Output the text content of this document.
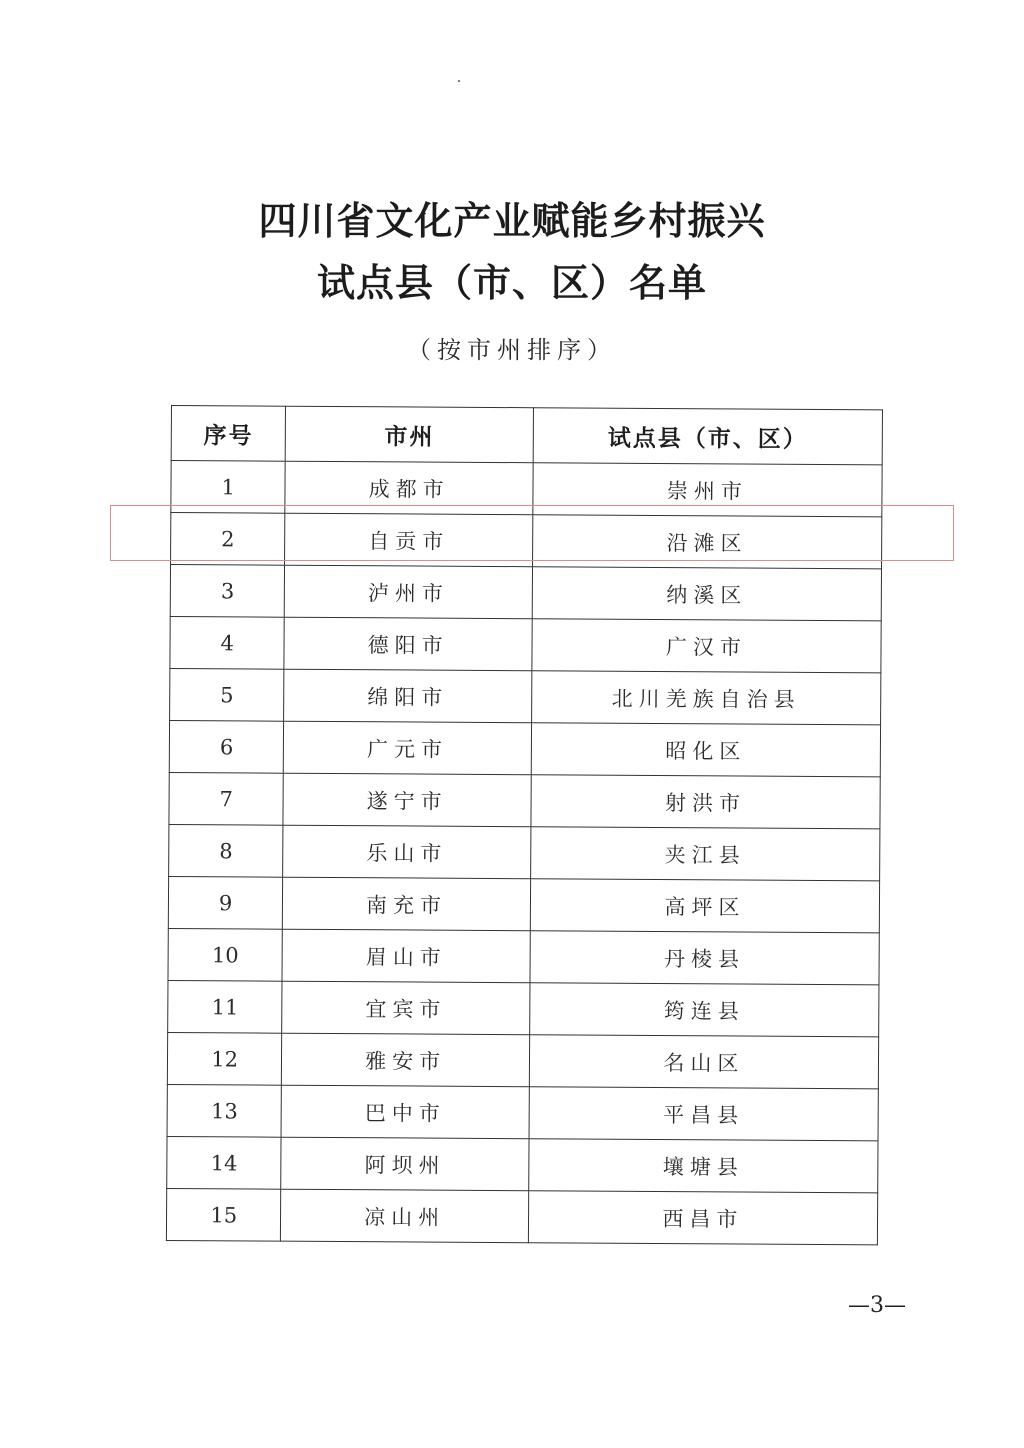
四川省文化产业赋能乡村振兴
试点县（市、区）名单
（按市州排序）
序号	市州	试点县（市、区）
1	成都市	崇州市
2	自贡市	沿滩区
3	泸州市	纳溪区
4	德阳市	广汉市
5	绵阳市	北川羌族自治县
6	广元市	昭化区
7	遂宁市	射洪市
8	乐山市	夹江县
9	南充市	高坪区
10	眉山市	丹棱县
11	宜宾市	筠连县
12	雅安市	名山区
13	巴中市	平昌县
14	阿坝州	壤塘县
15	凉山州	西昌市
—3—
